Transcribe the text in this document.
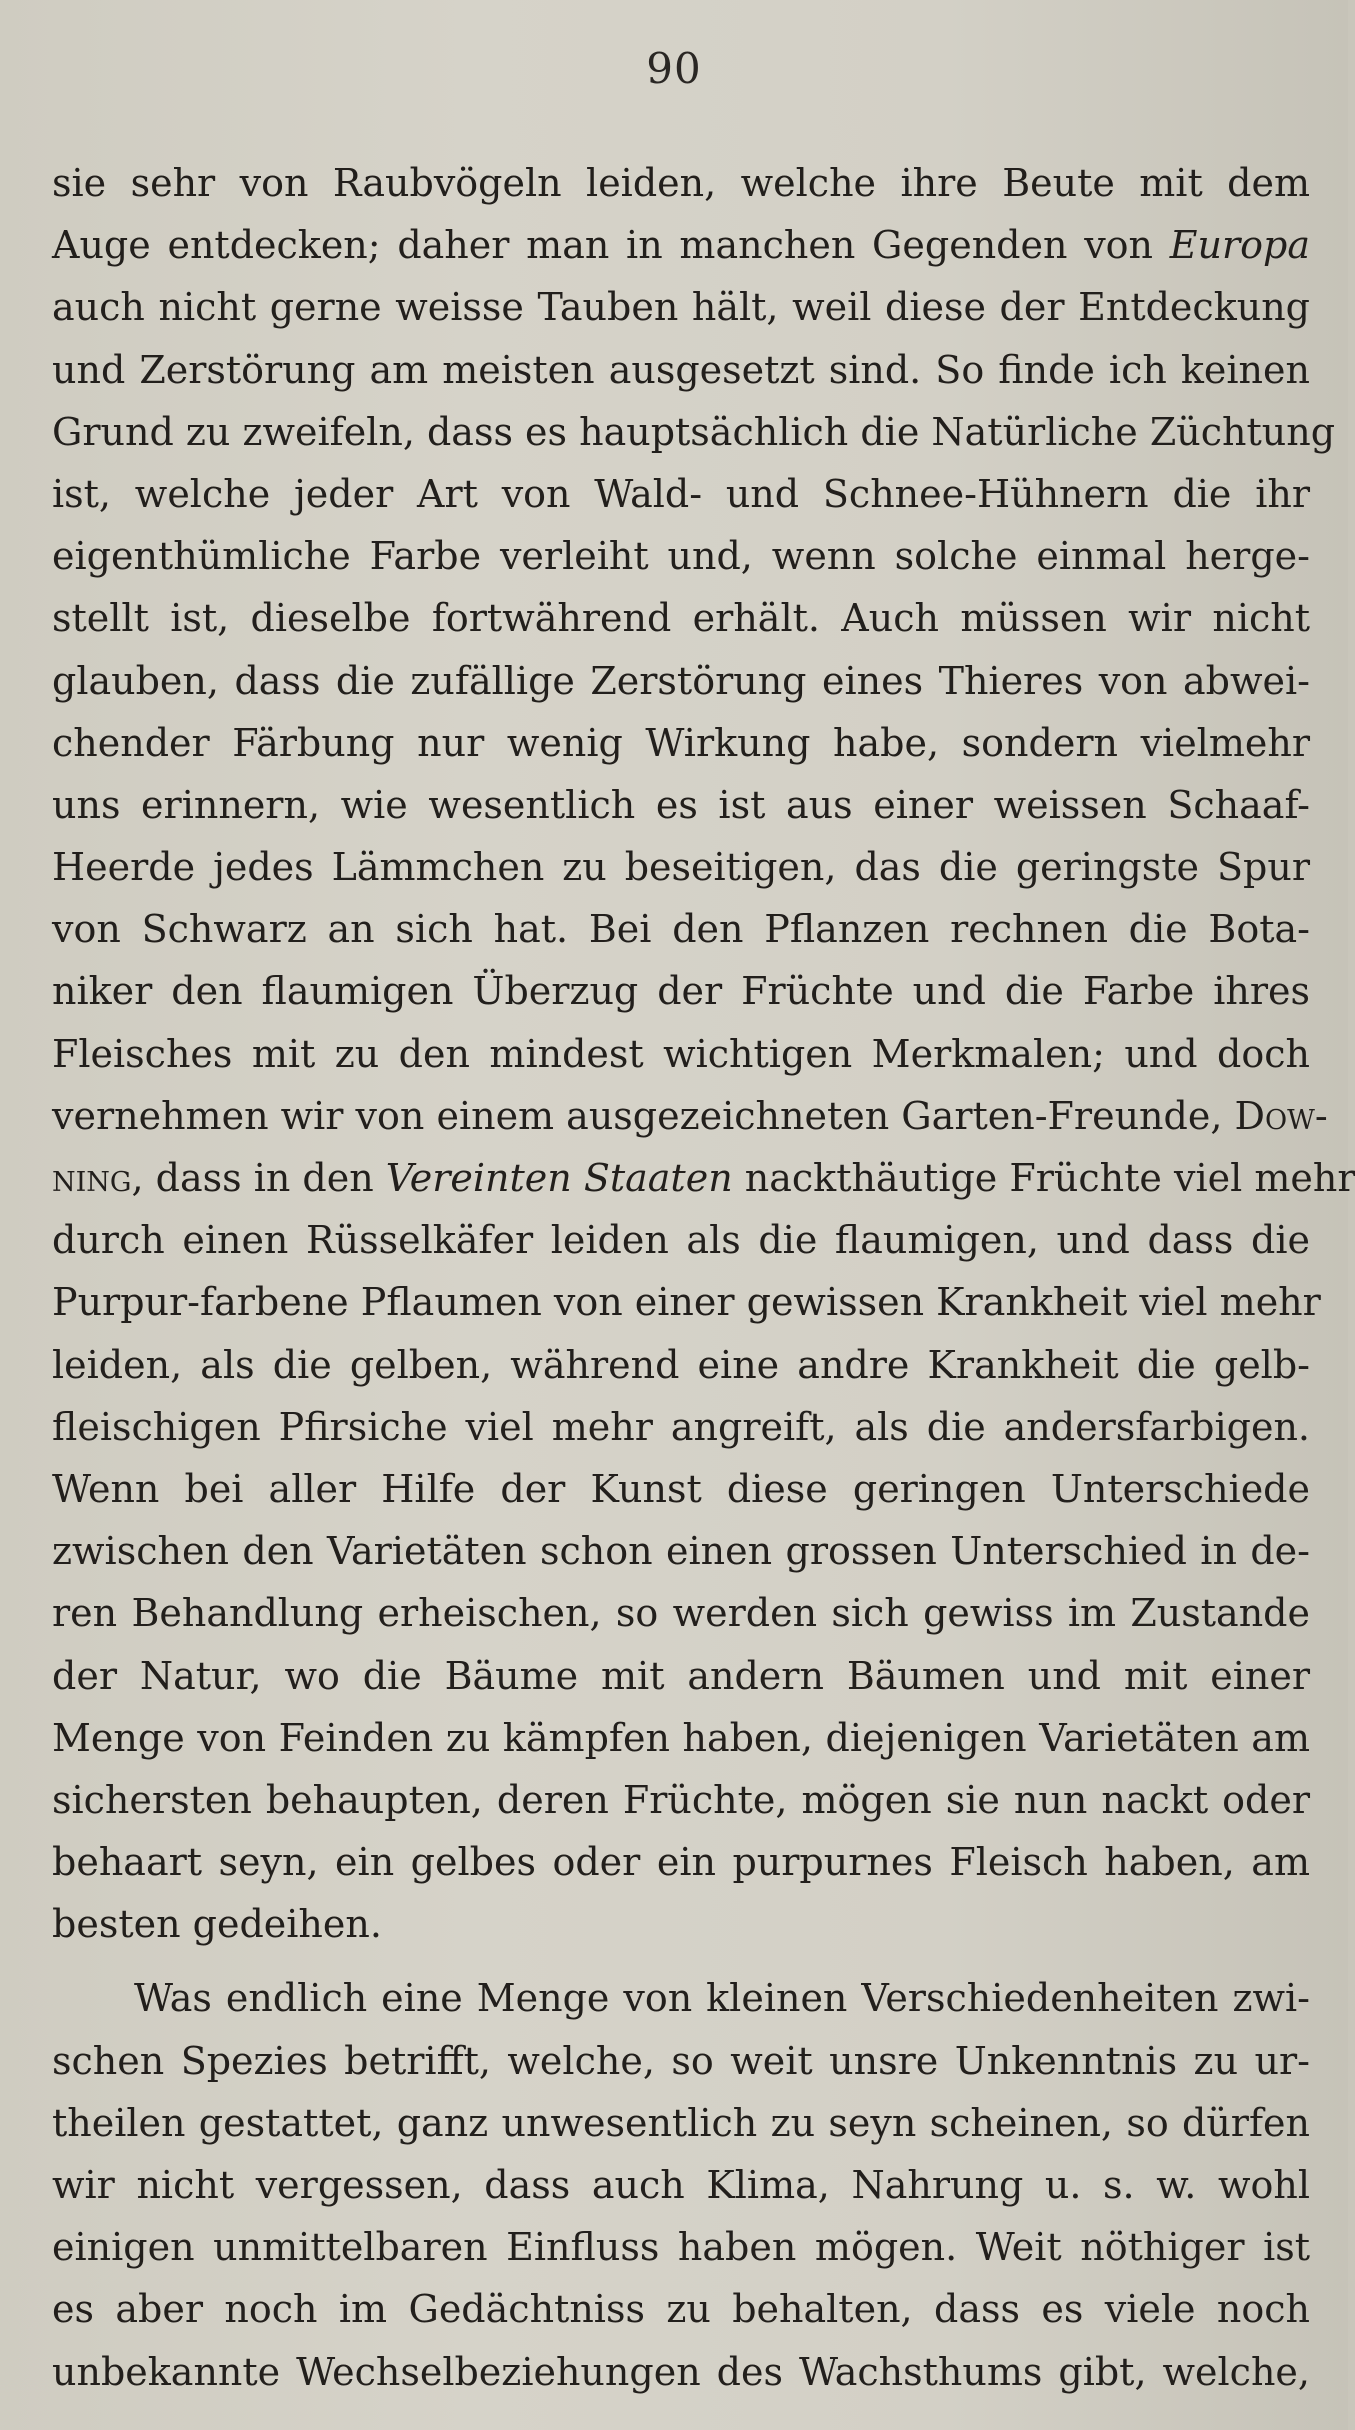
90
sie sehr von Raubvögeln leiden, welche ihre Beute mit dem
Auge entdecken; daher man in manchen Gegenden von Europa
auch nicht gerne weisse Tauben hält, weil diese der Entdeckung
und Zerstörung am meisten ausgesetzt sind. So finde ich keinen
Grund zu zweifeln, dass es hauptsächlich die Natürliche Züchtung
ist, welche jeder Art von Wald- und Schnee-Hühnern die ihr
eigenthümliche Farbe verleiht und, wenn solche einmal herge-
stellt ist, dieselbe fortwährend erhält. Auch müssen wir nicht
glauben, dass die zufällige Zerstörung eines Thieres von abwei-
chender Färbung nur wenig Wirkung habe, sondern vielmehr
uns erinnern, wie wesentlich es ist aus einer weissen Schaaf-
Heerde jedes Lämmchen zu beseitigen, das die geringste Spur
von Schwarz an sich hat. Bei den Pflanzen rechnen die Bota-
niker den flaumigen Überzug der Früchte und die Farbe ihres
Fleisches mit zu den mindest wichtigen Merkmalen; und doch
vernehmen wir von einem ausgezeichneten Garten-Freunde, Dow-
ning, dass in den Vereinten Staaten nackthäutige Früchte viel mehr
durch einen Rüsselkäfer leiden als die flaumigen, und dass die
Purpur-farbene Pflaumen von einer gewissen Krankheit viel mehr
leiden, als die gelben, während eine andre Krankheit die gelb-
fleischigen Pfirsiche viel mehr angreift, als die andersfarbigen.
Wenn bei aller Hilfe der Kunst diese geringen Unterschiede
zwischen den Varietäten schon einen grossen Unterschied in de-
ren Behandlung erheischen, so werden sich gewiss im Zustande
der Natur, wo die Bäume mit andern Bäumen und mit einer
Menge von Feinden zu kämpfen haben, diejenigen Varietäten am
sichersten behaupten, deren Früchte, mögen sie nun nackt oder
behaart seyn, ein gelbes oder ein purpurnes Fleisch haben, am
besten gedeihen.
Was endlich eine Menge von kleinen Verschiedenheiten zwi-
schen Spezies betrifft, welche, so weit unsre Unkenntnis zu ur-
theilen gestattet, ganz unwesentlich zu seyn scheinen, so dürfen
wir nicht vergessen, dass auch Klima, Nahrung u. s. w. wohl
einigen unmittelbaren Einfluss haben mögen. Weit nöthiger ist
es aber noch im Gedächtniss zu behalten, dass es viele noch
unbekannte Wechselbeziehungen des Wachsthums gibt, welche,
